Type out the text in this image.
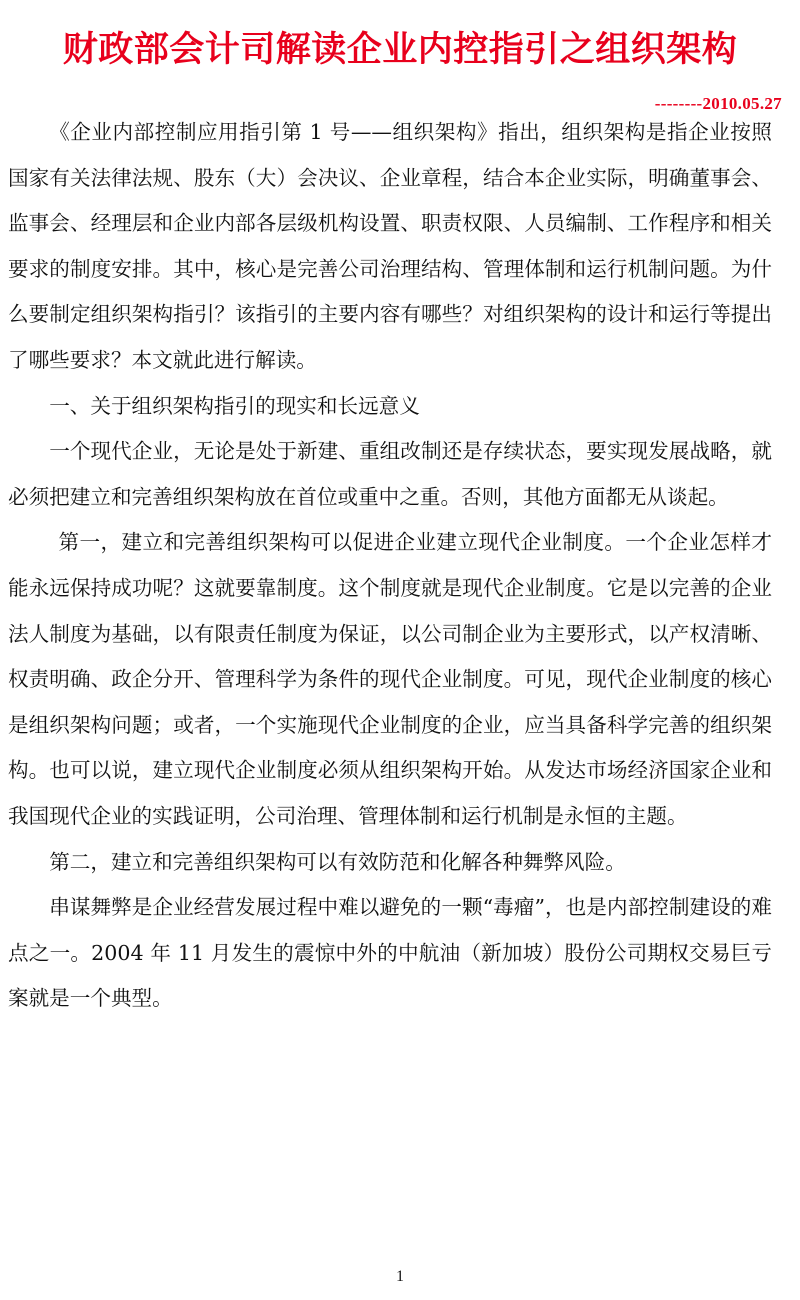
财政部会计司解读企业内控指引之组织架构
--------2010.05.27

《企业内部控制应用指引第 1 号——组织架构》指出，组织架构是指企业按照国家有关法律法规、股东（大）会决议、企业章程，结合本企业实际，明确董事会、监事会、经理层和企业内部各层级机构设置、职责权限、人员编制、工作程序和相关要求的制度安排。其中，核心是完善公司治理结构、管理体制和运行机制问题。为什么要制定组织架构指引？该指引的主要内容有哪些？对组织架构的设计和运行等提出了哪些要求？本文就此进行解读。

一、关于组织架构指引的现实和长远意义

一个现代企业，无论是处于新建、重组改制还是存续状态，要实现发展战略，就必须把建立和完善组织架构放在首位或重中之重。否则，其他方面都无从谈起。

第一，建立和完善组织架构可以促进企业建立现代企业制度。一个企业怎样才能永远保持成功呢？这就要靠制度。这个制度就是现代企业制度。它是以完善的企业法人制度为基础，以有限责任制度为保证，以公司制企业为主要形式，以产权清晰、权责明确、政企分开、管理科学为条件的现代企业制度。可见，现代企业制度的核心是组织架构问题；或者，一个实施现代企业制度的企业，应当具备科学完善的组织架构。也可以说，建立现代企业制度必须从组织架构开始。从发达市场经济国家企业和我国现代企业的实践证明，公司治理、管理体制和运行机制是永恒的主题。

第二，建立和完善组织架构可以有效防范和化解各种舞弊风险。

串谋舞弊是企业经营发展过程中难以避免的一颗“毒瘤”，也是内部控制建设的难点之一。2004 年 11 月发生的震惊中外的中航油（新加坡）股份公司期权交易巨亏案就是一个典型。

1
